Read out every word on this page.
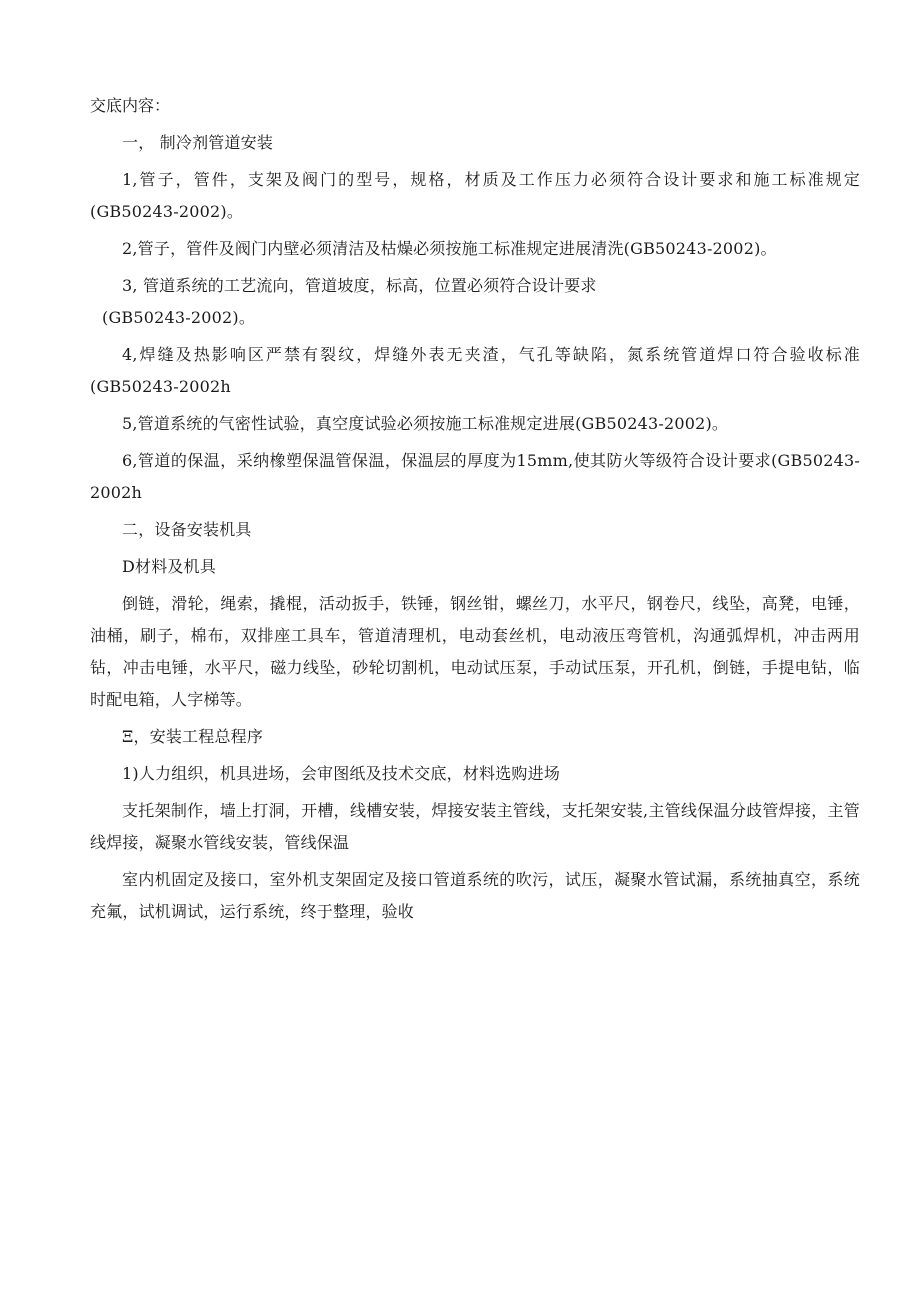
交底内容：
一， 制冷剂管道安装
1,管子，管件，支架及阀门的型号，规格，材质及工作压力必须符合设计要求和施工标准规定(GB50243-2002)。
2,管子，管件及阀门内壁必须清洁及枯燥必须按施工标准规定进展清洗(GB50243-2002)。
3, 管道系统的工艺流向，管道坡度，标高，位置必须符合设计要求
(GB50243-2002)。
4,焊缝及热影响区严禁有裂纹，焊缝外表无夹渣，气孔等缺陷，氮系统管道焊口符合验收标准(GB50243-2002h
5,管道系统的气密性试验，真空度试验必须按施工标准规定进展(GB50243-2002)。
6,管道的保温，采纳橡塑保温管保温，保温层的厚度为15mm,使其防火等级符合设计要求(GB50243-2002h
二，设备安装机具
D材料及机具
倒链，滑轮，绳索，撬棍，活动扳手，铁锤，钢丝钳，螺丝刀，水平尺，钢卷尺，线坠，高凳，电锤，油桶，刷子，棉布，双排座工具车，管道清理机，电动套丝机，电动液压弯管机，沟通弧焊机，冲击两用钻，冲击电锤，水平尺，磁力线坠，砂轮切割机，电动试压泵，手动试压泵，开孔机，倒链，手提电钻，临时配电箱，人字梯等。
Ξ，安装工程总程序
1)人力组织，机具进场，会审图纸及技术交底，材料选购进场
支托架制作，墙上打洞，开槽，线槽安装，焊接安装主管线，支托架安装,主管线保温分歧管焊接，主管线焊接，凝聚水管线安装，管线保温
室内机固定及接口，室外机支架固定及接口管道系统的吹污，试压，凝聚水管试漏，系统抽真空，系统充氟，试机调试，运行系统，终于整理，验收
